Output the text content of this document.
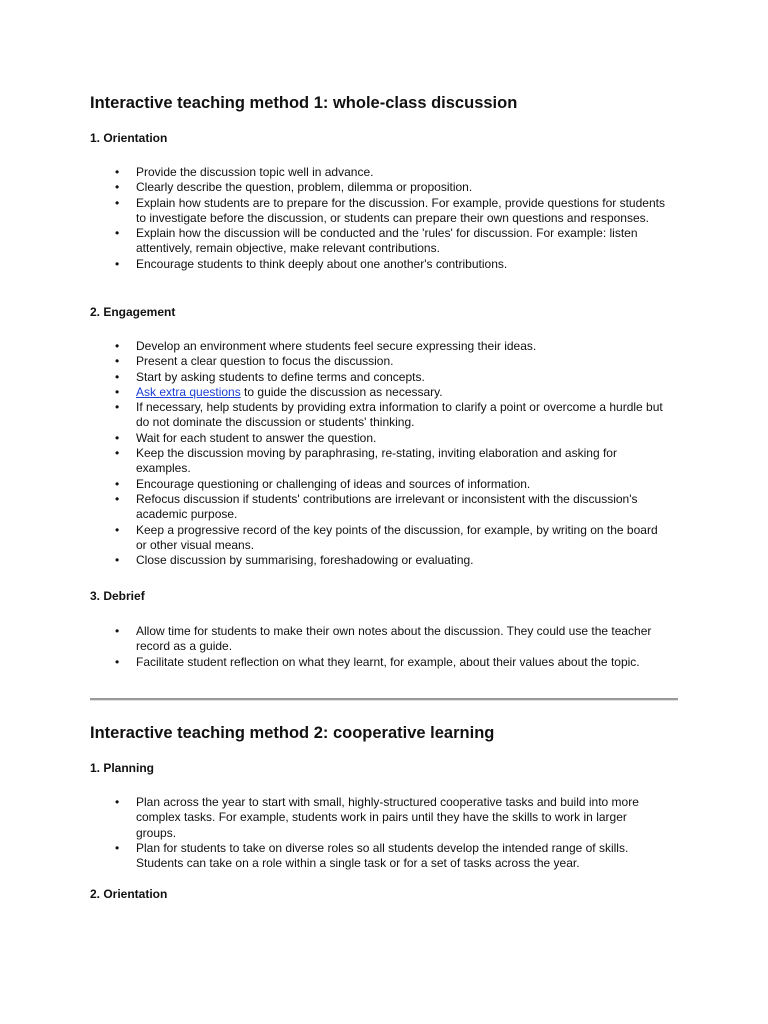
Interactive teaching method 1: whole-class discussion
1. Orientation
• Provide the discussion topic well in advance.
• Clearly describe the question, problem, dilemma or proposition.
• Explain how students are to prepare for the discussion. For example, provide questions for students to investigate before the discussion, or students can prepare their own questions and responses.
• Explain how the discussion will be conducted and the 'rules' for discussion. For example: listen attentively, remain objective, make relevant contributions.
• Encourage students to think deeply about one another's contributions.
2. Engagement
• Develop an environment where students feel secure expressing their ideas.
• Present a clear question to focus the discussion.
• Start by asking students to define terms and concepts.
• Ask extra questions to guide the discussion as necessary.
• If necessary, help students by providing extra information to clarify a point or overcome a hurdle but do not dominate the discussion or students' thinking.
• Wait for each student to answer the question.
• Keep the discussion moving by paraphrasing, re-stating, inviting elaboration and asking for examples.
• Encourage questioning or challenging of ideas and sources of information.
• Refocus discussion if students' contributions are irrelevant or inconsistent with the discussion's academic purpose.
• Keep a progressive record of the key points of the discussion, for example, by writing on the board or other visual means.
• Close discussion by summarising, foreshadowing or evaluating.
3. Debrief
• Allow time for students to make their own notes about the discussion. They could use the teacher record as a guide.
• Facilitate student reflection on what they learnt, for example, about their values about the topic.
Interactive teaching method 2: cooperative learning
1. Planning
• Plan across the year to start with small, highly-structured cooperative tasks and build into more complex tasks. For example, students work in pairs until they have the skills to work in larger groups.
• Plan for students to take on diverse roles so all students develop the intended range of skills. Students can take on a role within a single task or for a set of tasks across the year.
2. Orientation
